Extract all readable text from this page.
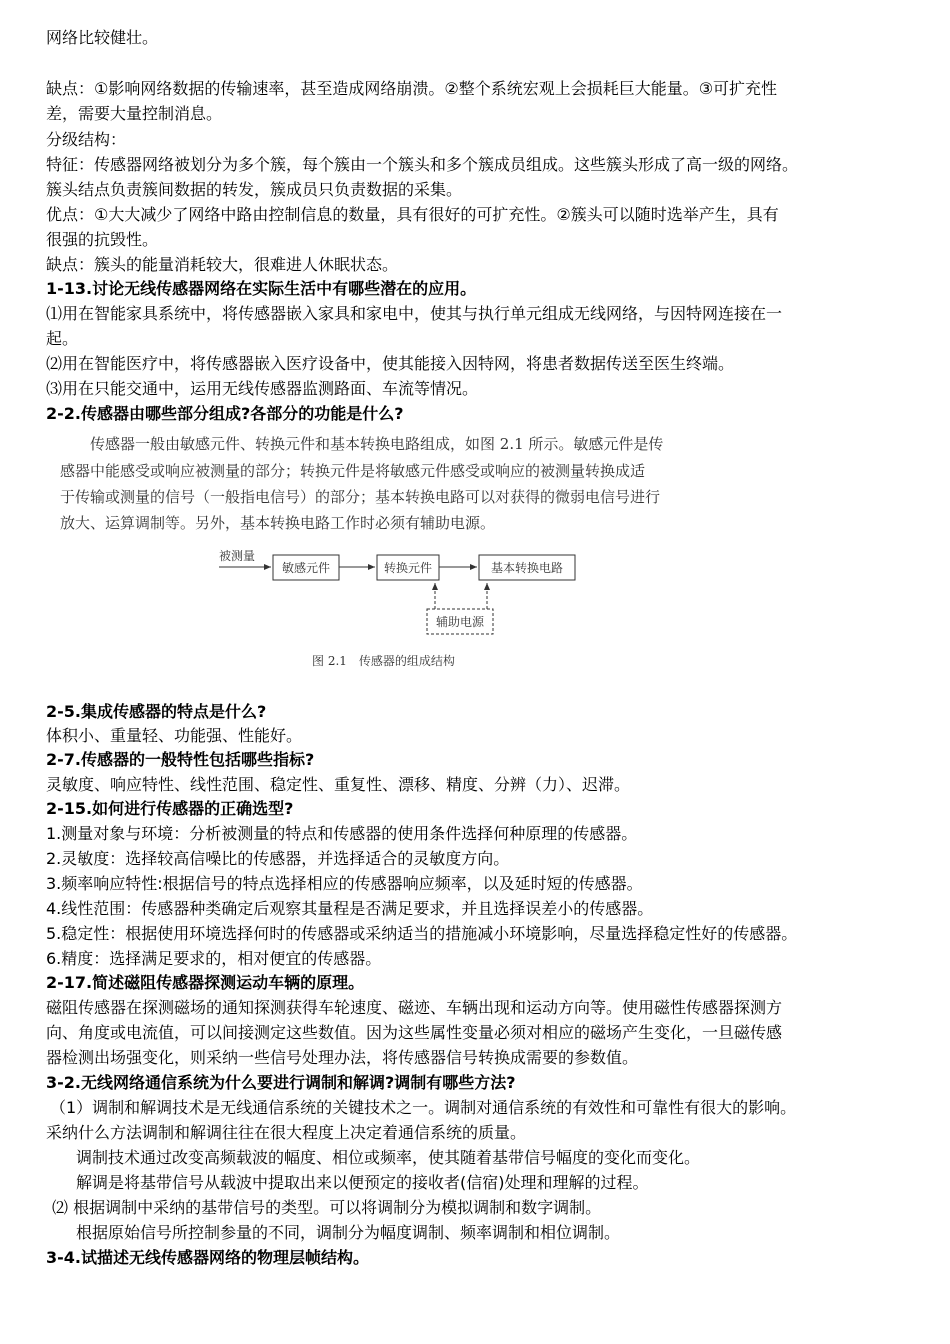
网络比较健壮。
缺点：①影响网络数据的传输速率，甚至造成网络崩溃。②整个系统宏观上会损耗巨大能量。③可扩充性
差，需要大量控制消息。
分级结构：
特征：传感器网络被划分为多个簇，每个簇由一个簇头和多个簇成员组成。这些簇头形成了高一级的网络。
簇头结点负责簇间数据的转发，簇成员只负责数据的采集。
优点：①大大减少了网络中路由控制信息的数量，具有很好的可扩充性。②簇头可以随时选举产生，具有
很强的抗毁性。
缺点：簇头的能量消耗较大，很难进人休眠状态。
1-13.讨论无线传感器网络在实际生活中有哪些潜在的应用。
⑴用在智能家具系统中，将传感器嵌入家具和家电中，使其与执行单元组成无线网络，与因特网连接在一
起。
⑵用在智能医疗中，将传感器嵌入医疗设备中，使其能接入因特网，将患者数据传送至医生终端。
⑶用在只能交通中，运用无线传感器监测路面、车流等情况。
2-2.传感器由哪些部分组成?各部分的功能是什么?
传感器一般由敏感元件、转换元件和基本转换电路组成，如图 2.1 所示。敏感元件是传
感器中能感受或响应被测量的部分；转换元件是将敏感元件感受或响应的被测量转换成适
于传输或测量的信号（一般指电信号）的部分；基本转换电路可以对获得的微弱电信号进行
放大、运算调制等。另外，基本转换电路工作时必须有辅助电源。
被测量
敏感元件	转换元件	基本转换电路
辅助电源
图 2.1　传感器的组成结构
2-5.集成传感器的特点是什么?
体积小、重量轻、功能强、性能好。
2-7.传感器的一般特性包括哪些指标?
灵敏度、响应特性、线性范围、稳定性、重复性、漂移、精度、分辨（力）、迟滞。
2-15.如何进行传感器的正确选型?
1.测量对象与环境：分析被测量的特点和传感器的使用条件选择何种原理的传感器。
2.灵敏度：选择较高信噪比的传感器，并选择适合的灵敏度方向。
3.频率响应特性:根据信号的特点选择相应的传感器响应频率，以及延时短的传感器。
4.线性范围：传感器种类确定后观察其量程是否满足要求，并且选择误差小的传感器。
5.稳定性：根据使用环境选择何时的传感器或采纳适当的措施减小环境影响，尽量选择稳定性好的传感器。
6.精度：选择满足要求的，相对便宜的传感器。
2-17.简述磁阻传感器探测运动车辆的原理。
磁阻传感器在探测磁场的通知探测获得车轮速度、磁迹、车辆出现和运动方向等。使用磁性传感器探测方
向、角度或电流值，可以间接测定这些数值。因为这些属性变量必须对相应的磁场产生变化，一旦磁传感
器检测出场强变化，则采纳一些信号处理办法，将传感器信号转换成需要的参数值。
3-2.无线网络通信系统为什么要进行调制和解调?调制有哪些方法?
（1）调制和解调技术是无线通信系统的关键技术之一。调制对通信系统的有效性和可靠性有很大的影响。
采纳什么方法调制和解调往往在很大程度上决定着通信系统的质量。
调制技术通过改变高频载波的幅度、相位或频率，使其随着基带信号幅度的变化而变化。
解调是将基带信号从载波中提取出来以便预定的接收者(信宿)处理和理解的过程。
⑵ 根据调制中采纳的基带信号的类型。可以将调制分为模拟调制和数字调制。
根据原始信号所控制参量的不同，调制分为幅度调制、频率调制和相位调制。
3-4.试描述无线传感器网络的物理层帧结构。
